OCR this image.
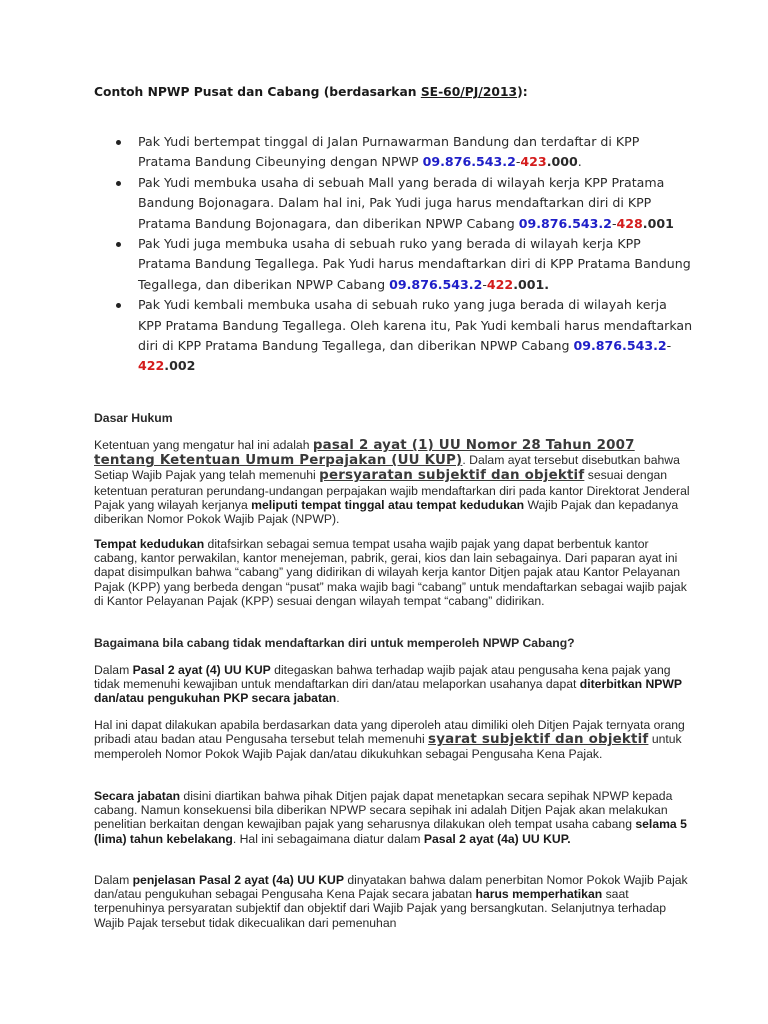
Contoh NPWP Pusat dan Cabang (berdasarkan SE-60/PJ/2013):
Pak Yudi bertempat tinggal di Jalan Purnawarman Bandung dan terdaftar di KPP Pratama Bandung Cibeunying dengan NPWP 09.876.543.2-423.000.
Pak Yudi membuka usaha di sebuah Mall yang berada di wilayah kerja KPP Pratama Bandung Bojonagara. Dalam hal ini, Pak Yudi juga harus mendaftarkan diri di KPP Pratama Bandung Bojonagara, dan diberikan NPWP Cabang 09.876.543.2-428.001
Pak Yudi juga membuka usaha di sebuah ruko yang berada di wilayah kerja KPP Pratama Bandung Tegallega. Pak Yudi harus mendaftarkan diri di KPP Pratama Bandung Tegallega, dan diberikan NPWP Cabang 09.876.543.2-422.001.
Pak Yudi kembali membuka usaha di sebuah ruko yang juga berada di wilayah kerja KPP Pratama Bandung Tegallega. Oleh karena itu, Pak Yudi kembali harus mendaftarkan diri di KPP Pratama Bandung Tegallega, dan diberikan NPWP Cabang 09.876.543.2-422.002
Dasar Hukum
Ketentuan yang mengatur hal ini adalah pasal 2 ayat (1) UU Nomor 28 Tahun 2007 tentang Ketentuan Umum Perpajakan (UU KUP). Dalam ayat tersebut disebutkan bahwa Setiap Wajib Pajak yang telah memenuhi persyaratan subjektif dan objektif sesuai dengan ketentuan peraturan perundang-undangan perpajakan wajib mendaftarkan diri pada kantor Direktorat Jenderal Pajak yang wilayah kerjanya meliputi tempat tinggal atau tempat kedudukan Wajib Pajak dan kepadanya diberikan Nomor Pokok Wajib Pajak (NPWP).
Tempat kedudukan ditafsirkan sebagai semua tempat usaha wajib pajak yang dapat berbentuk kantor cabang, kantor perwakilan, kantor menejeman, pabrik, gerai, kios dan lain sebagainya. Dari paparan ayat ini dapat disimpulkan bahwa “cabang” yang didirikan di wilayah kerja kantor Ditjen pajak atau Kantor Pelayanan Pajak (KPP) yang berbeda dengan “pusat” maka wajib bagi “cabang” untuk mendaftarkan sebagai wajib pajak di Kantor Pelayanan Pajak (KPP) sesuai dengan wilayah tempat “cabang” didirikan.
Bagaimana bila cabang tidak mendaftarkan diri untuk memperoleh NPWP Cabang?
Dalam Pasal 2 ayat (4) UU KUP ditegaskan bahwa terhadap wajib pajak atau pengusaha kena pajak yang tidak memenuhi kewajiban untuk mendaftarkan diri dan/atau melaporkan usahanya dapat diterbitkan NPWP dan/atau pengukuhan PKP secara jabatan.
Hal ini dapat dilakukan apabila berdasarkan data yang diperoleh atau dimiliki oleh Ditjen Pajak ternyata orang pribadi atau badan atau Pengusaha tersebut telah memenuhi syarat subjektif dan objektif untuk memperoleh Nomor Pokok Wajib Pajak dan/atau dikukuhkan sebagai Pengusaha Kena Pajak.
Secara jabatan disini diartikan bahwa pihak Ditjen pajak dapat menetapkan secara sepihak NPWP kepada cabang. Namun konsekuensi bila diberikan NPWP secara sepihak ini adalah Ditjen Pajak akan melakukan penelitian berkaitan dengan kewajiban pajak yang seharusnya dilakukan oleh tempat usaha cabang selama 5 (lima) tahun kebelakang. Hal ini sebagaimana diatur dalam Pasal 2 ayat (4a) UU KUP.
Dalam penjelasan Pasal 2 ayat (4a) UU KUP dinyatakan bahwa dalam penerbitan Nomor Pokok Wajib Pajak dan/atau pengukuhan sebagai Pengusaha Kena Pajak secara jabatan harus memperhatikan saat terpenuhinya persyaratan subjektif dan objektif dari Wajib Pajak yang bersangkutan. Selanjutnya terhadap Wajib Pajak tersebut tidak dikecualikan dari pemenuhan
